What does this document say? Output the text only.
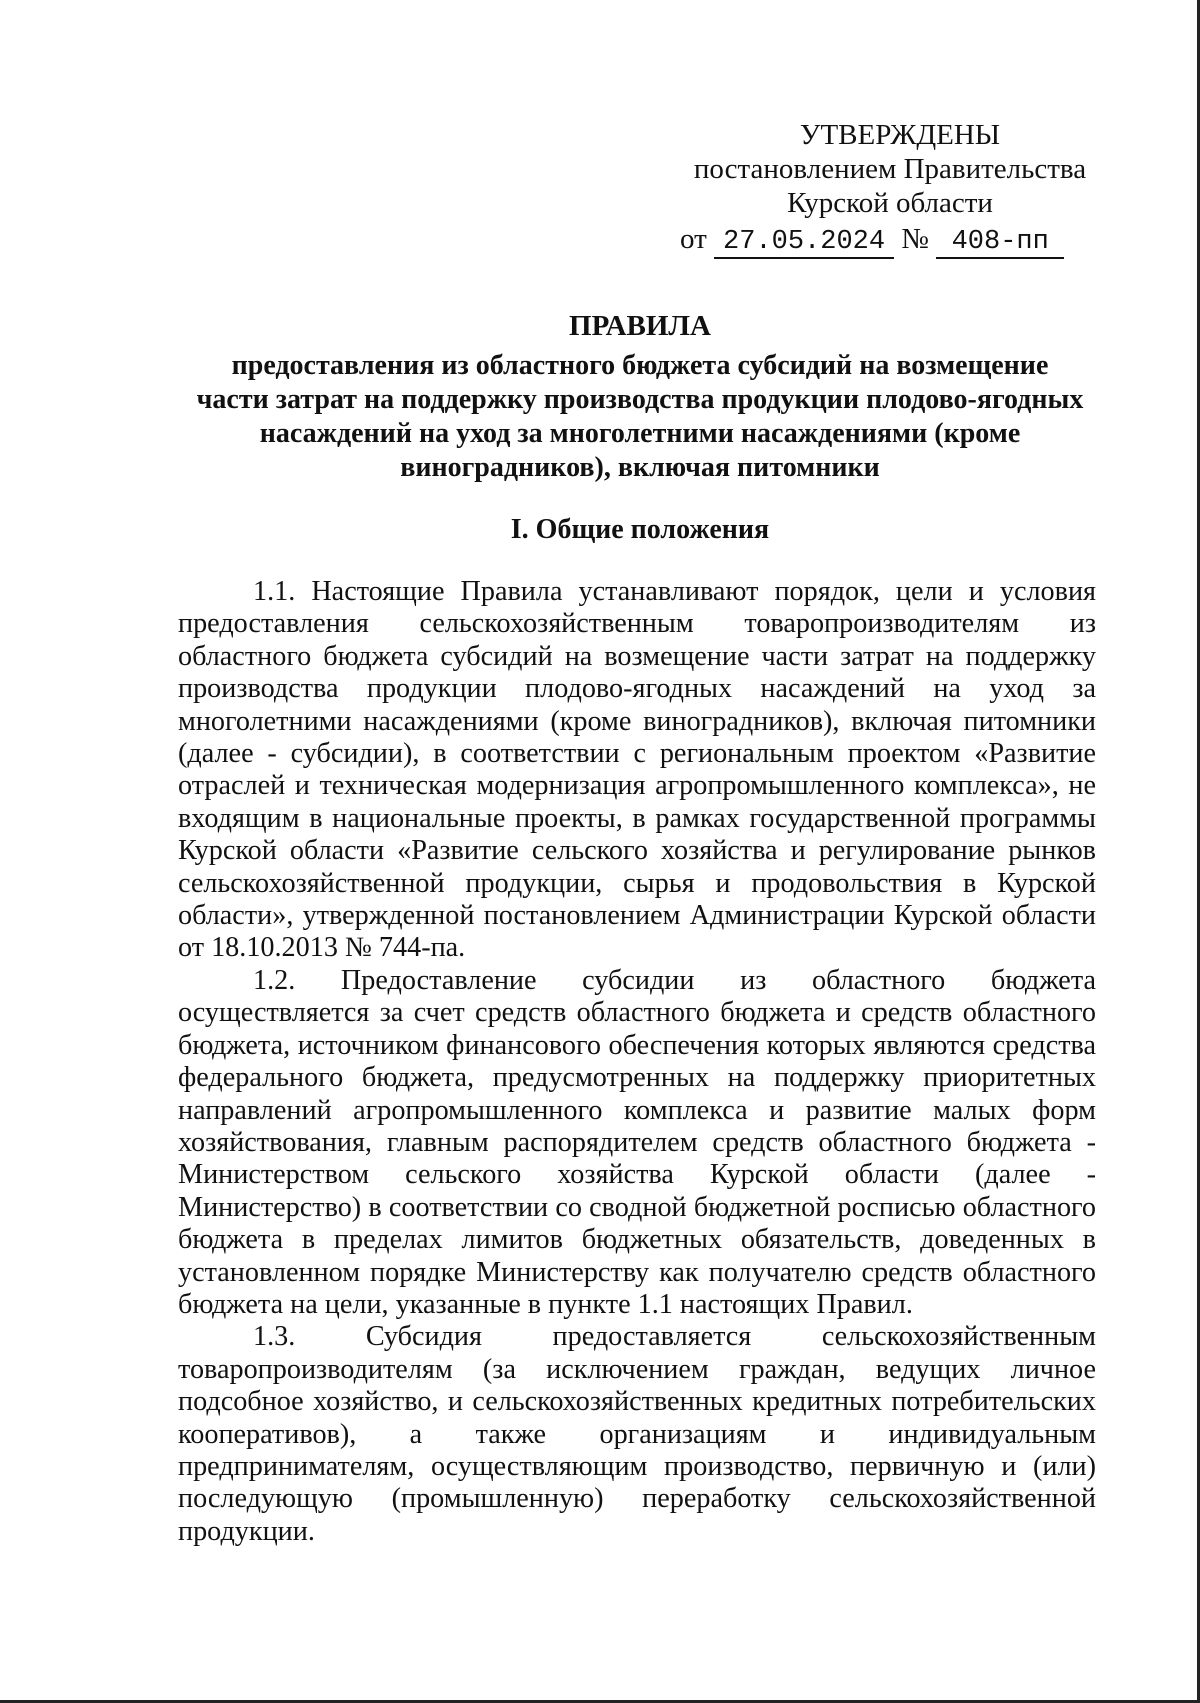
УТВЕРЖДЕНЫ
постановлением Правительства
Курской области
от 27.05.2024 № 408-пп
ПРАВИЛА
предоставления из областного бюджета субсидий на возмещение
части затрат на поддержку производства продукции плодово-ягодных
насаждений на уход за многолетними насаждениями (кроме
виноградников), включая питомники
I. Общие положения

1.1. Настоящие Правила устанавливают порядок, цели и условия предоставления сельскохозяйственным товаропроизводителям из областного бюджета субсидий на возмещение части затрат на поддержку производства продукции плодово-ягодных насаждений на уход за многолетними насаждениями (кроме виноградников), включая питомники (далее - субсидии), в соответствии с региональным проектом «Развитие отраслей и техническая модернизация агропромышленного комплекса», не входящим в национальные проекты, в рамках государственной программы Курской области «Развитие сельского хозяйства и регулирование рынков сельскохозяйственной продукции, сырья и продовольствия в Курской области», утвержденной постановлением Администрации Курской области от 18.10.2013 № 744-па.

1.2. Предоставление субсидии из областного бюджета осуществляется за счет средств областного бюджета и средств областного бюджета, источником финансового обеспечения которых являются средства федерального бюджета, предусмотренных на поддержку приоритетных направлений агропромышленного комплекса и развитие малых форм хозяйствования, главным распорядителем средств областного бюджета - Министерством сельского хозяйства Курской области (далее - Министерство) в соответствии со сводной бюджетной росписью областного бюджета в пределах лимитов бюджетных обязательств, доведенных в установленном порядке Министерству как получателю средств областного бюджета на цели, указанные в пункте 1.1 настоящих Правил.

1.3. Субсидия предоставляется сельскохозяйственным товаропроизводителям (за исключением граждан, ведущих личное подсобное хозяйство, и сельскохозяйственных кредитных потребительских кооперативов), а также организациям и индивидуальным предпринимателям, осуществляющим производство, первичную и (или) последующую (промышленную) переработку сельскохозяйственной продукции.
